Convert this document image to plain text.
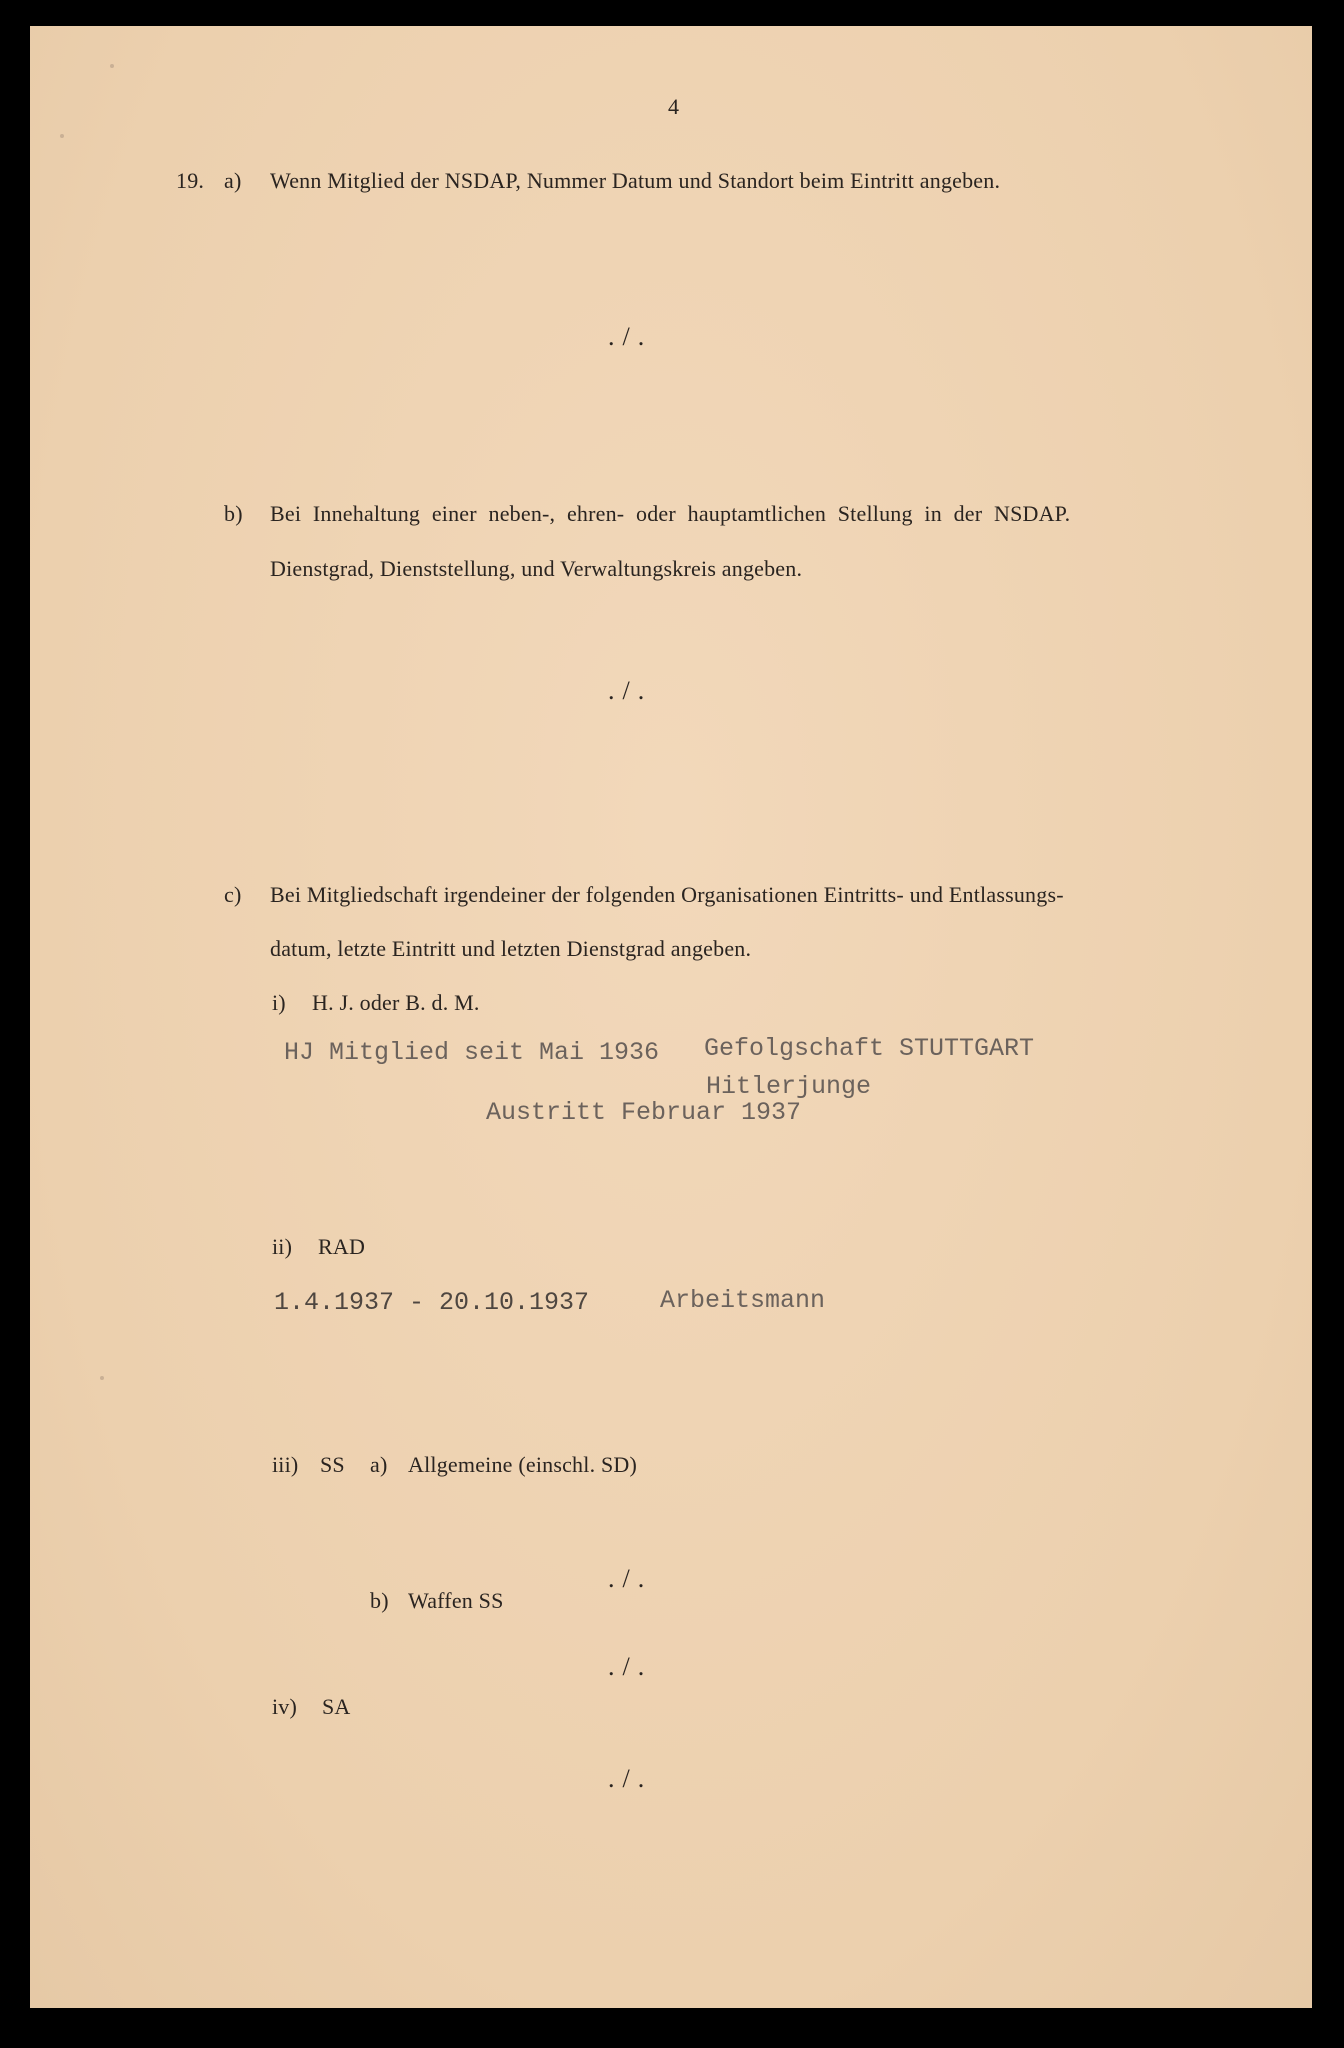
4
19. a) Wenn Mitglied der NSDAP, Nummer Datum und Standort beim Eintritt angeben.
./.
b) Bei Innehaltung einer neben-, ehren- oder hauptamtlichen Stellung in der NSDAP.
Dienstgrad, Dienststellung, und Verwaltungskreis angeben.
./.
c) Bei Mitgliedschaft irgendeiner der folgenden Organisationen Eintritts- und Entlassungs-
datum, letzte Eintritt und letzten Dienstgrad angeben.
i) H. J. oder B. d. M.
HJ Mitglied seit Mai 1936 Gefolgschaft STUTTGART
Hitlerjunge
Austritt Februar 1937
ii) RAD
1.4.1937 - 20.10.1937	Arbeitsmann
iii) SS a) Allgemeine (einschl. SD)
./.
b) Waffen SS
./.
iv) SA
./.
